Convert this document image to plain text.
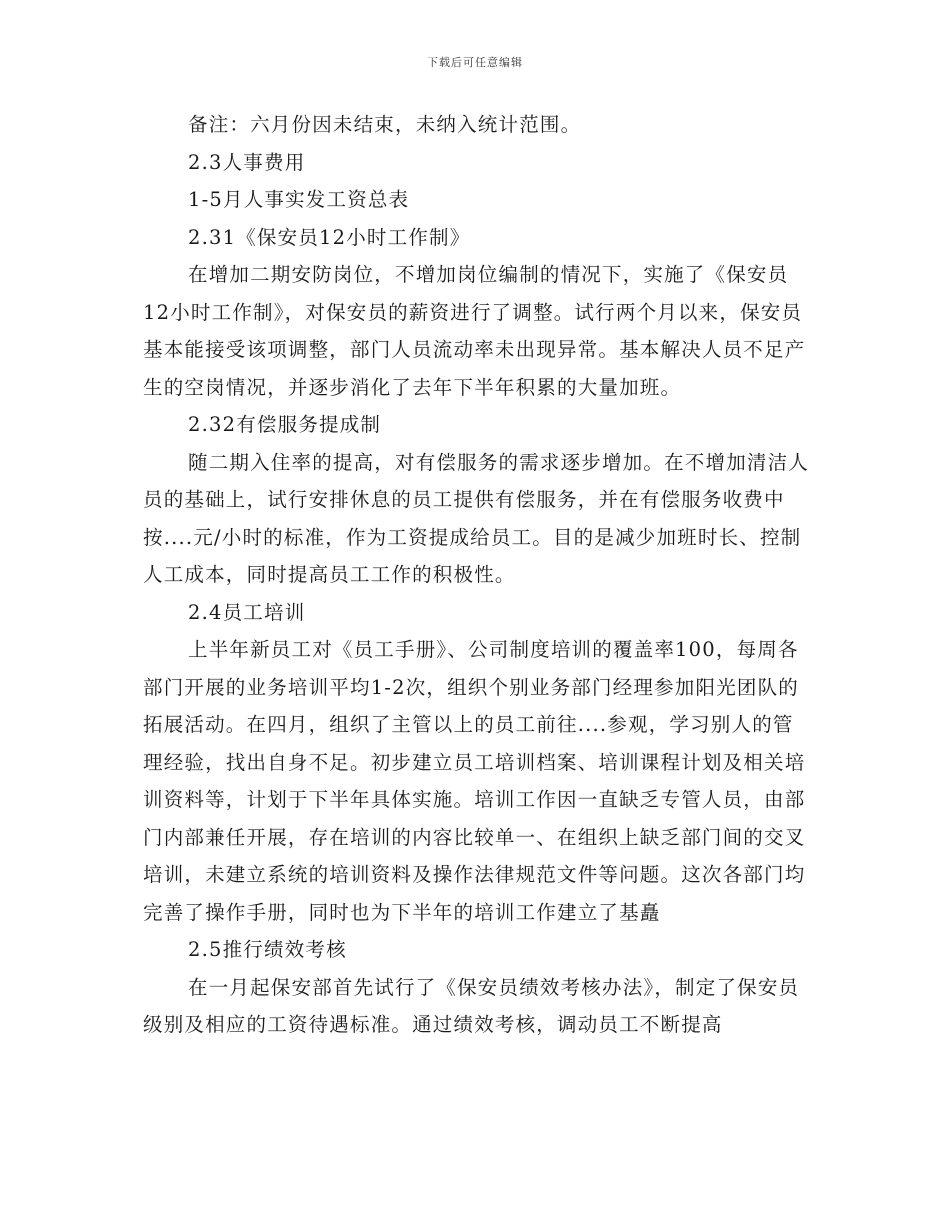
下载后可任意编辑

备注：六月份因未结束，未纳入统计范围。

2.3人事费用

1-5月人事实发工资总表

2.31《保安员12小时工作制》

在增加二期安防岗位，不增加岗位编制的情况下，实施了《保安员12小时工作制》，对保安员的薪资进行了调整。试行两个月以来，保安员基本能接受该项调整，部门人员流动率未出现异常。基本解决人员不足产生的空岗情况，并逐步消化了去年下半年积累的大量加班。

2.32有偿服务提成制

随二期入住率的提高，对有偿服务的需求逐步增加。在不增加清洁人员的基础上，试行安排休息的员工提供有偿服务，并在有偿服务收费中按....元/小时的标准，作为工资提成给员工。目的是减少加班时长、控制人工成本，同时提高员工工作的积极性。

2.4员工培训

上半年新员工对《员工手册》、公司制度培训的覆盖率100，每周各部门开展的业务培训平均1-2次，组织个别业务部门经理参加阳光团队的拓展活动。在四月，组织了主管以上的员工前往....参观，学习别人的管理经验，找出自身不足。初步建立员工培训档案、培训课程计划及相关培训资料等，计划于下半年具体实施。培训工作因一直缺乏专管人员，由部门内部兼任开展，存在培训的内容比较单一、在组织上缺乏部门间的交叉培训，未建立系统的培训资料及操作法律规范文件等问题。这次各部门均完善了操作手册，同时也为下半年的培训工作建立了基矗

2.5推行绩效考核

在一月起保安部首先试行了《保安员绩效考核办法》，制定了保安员级别及相应的工资待遇标准。通过绩效考核，调动员工不断提高
